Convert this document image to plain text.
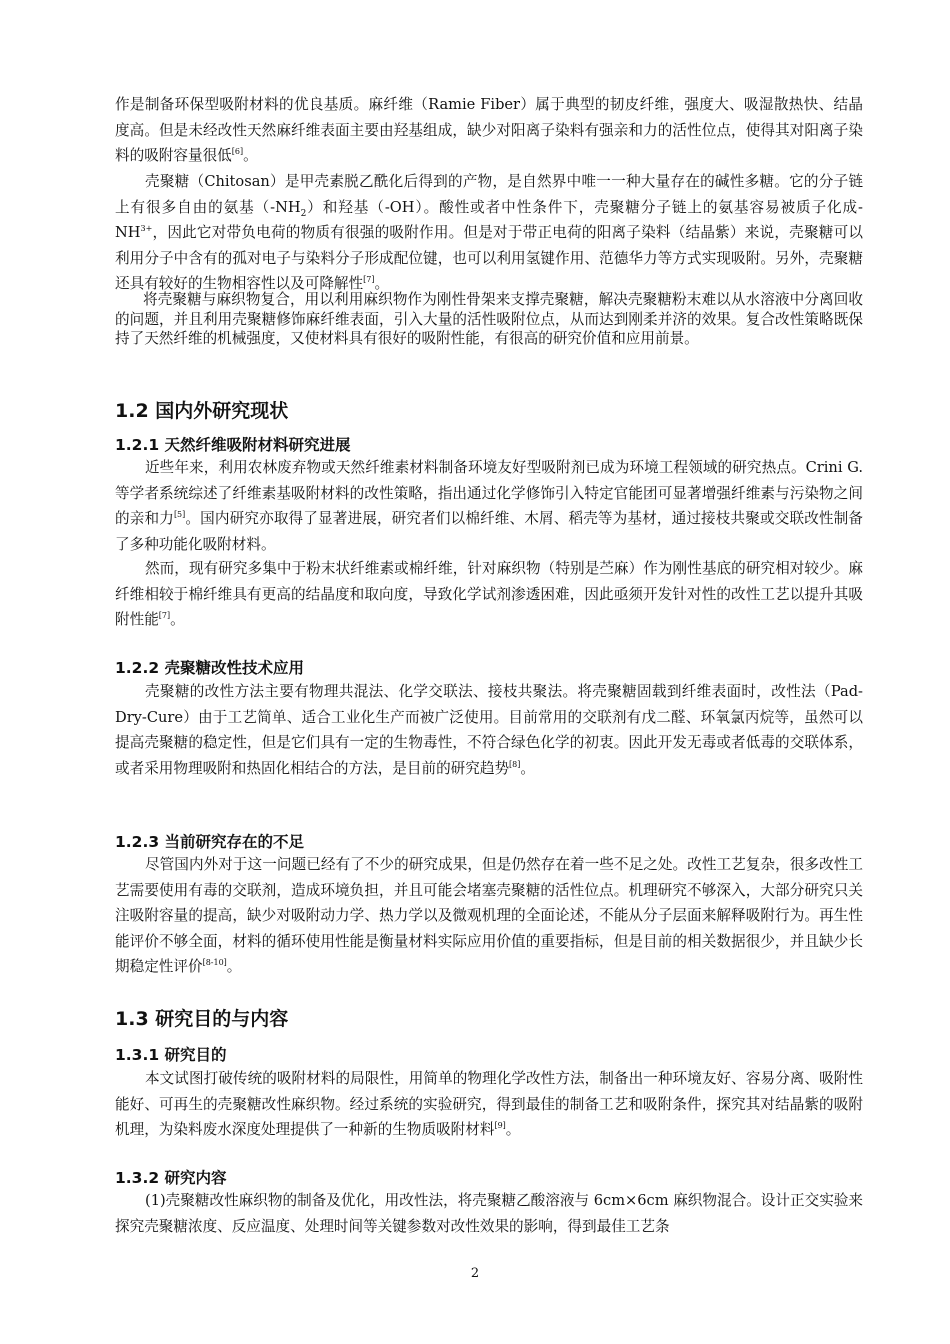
作是制备环保型吸附材料的优良基质。麻纤维（Ramie Fiber）属于典型的韧皮纤维，强度大、吸湿散热快、结晶度高。但是未经改性天然麻纤维表面主要由羟基组成，缺少对阳离子染料有强亲和力的活性位点，使得其对阳离子染料的吸附容量很低[6]。
壳聚糖（Chitosan）是甲壳素脱乙酰化后得到的产物，是自然界中唯一一种大量存在的碱性多糖。它的分子链上有很多自由的氨基$(-NH_2)$和羟基（-OH）。酸性或者中性条件下，壳聚糖分子链上的氨基容易被质子化成$-NH^{3+}$，因此它对带负电荷的物质有很强的吸附作用。但是对于带正电荷的阳离子染料（结晶紫）来说，壳聚糖可以利用分子中含有的孤对电子与染料分子形成配位键，也可以利用氢键作用、范德华力等方式实现吸附。另外，壳聚糖还具有较好的生物相容性以及可降解性[7]。
将壳聚糖与麻织物复合，用以利用麻织物作为刚性骨架来支撑壳聚糖，解决壳聚糖粉末难以从水溶液中分离回收的问题，并且利用壳聚糖修饰麻纤维表面，引入大量的活性吸附位点，从而达到刚柔并济的效果。复合改性策略既保持了天然纤维的机械强度，又使材料具有很好的吸附性能，有很高的研究价值和应用前景。
1.2 国内外研究现状
1.2.1 天然纤维吸附材料研究进展
近些年来，利用农林废弃物或天然纤维素材料制备环境友好型吸附剂已成为环境工程领域的研究热点。Crini G. 等学者系统综述了纤维素基吸附材料的改性策略，指出通过化学修饰引入特定官能团可显著增强纤维素与污染物之间的亲和力[5]。国内研究亦取得了显著进展，研究者们以棉纤维、木屑、稻壳等为基材，通过接枝共聚或交联改性制备了多种功能化吸附材料。
然而，现有研究多集中于粉末状纤维素或棉纤维，针对麻织物（特别是苎麻）作为刚性基底的研究相对较少。麻纤维相较于棉纤维具有更高的结晶度和取向度，导致化学试剂渗透困难，因此亟须开发针对性的改性工艺以提升其吸附性能[7]。
1.2.2 壳聚糖改性技术应用
壳聚糖的改性方法主要有物理共混法、化学交联法、接枝共聚法。将壳聚糖固载到纤维表面时，改性法（Pad-Dry-Cure）由于工艺简单、适合工业化生产而被广泛使用。目前常用的交联剂有戊二醛、环氧氯丙烷等，虽然可以提高壳聚糖的稳定性，但是它们具有一定的生物毒性，不符合绿色化学的初衷。因此开发无毒或者低毒的交联体系，或者采用物理吸附和热固化相结合的方法，是目前的研究趋势[8]。
1.2.3 当前研究存在的不足
尽管国内外对于这一问题已经有了不少的研究成果，但是仍然存在着一些不足之处。改性工艺复杂，很多改性工艺需要使用有毒的交联剂，造成环境负担，并且可能会堵塞壳聚糖的活性位点。机理研究不够深入，大部分研究只关注吸附容量的提高，缺少对吸附动力学、热力学以及微观机理的全面论述，不能从分子层面来解释吸附行为。再生性能评价不够全面，材料的循环使用性能是衡量材料实际应用价值的重要指标，但是目前的相关数据很少，并且缺少长期稳定性评价[8-10]。
1.3 研究目的与内容
1.3.1 研究目的
本文试图打破传统的吸附材料的局限性，用简单的物理化学改性方法，制备出一种环境友好、容易分离、吸附性能好、可再生的壳聚糖改性麻织物。经过系统的实验研究，得到最佳的制备工艺和吸附条件，探究其对结晶紫的吸附机理，为染料废水深度处理提供了一种新的生物质吸附材料[9]。
1.3.2 研究内容
(1)壳聚糖改性麻织物的制备及优化，用改性法，将壳聚糖乙酸溶液与 6cm×6cm 麻织物混合。设计正交实验来探究壳聚糖浓度、反应温度、处理时间等关键参数对改性效果的影响，得到最佳工艺条
2
